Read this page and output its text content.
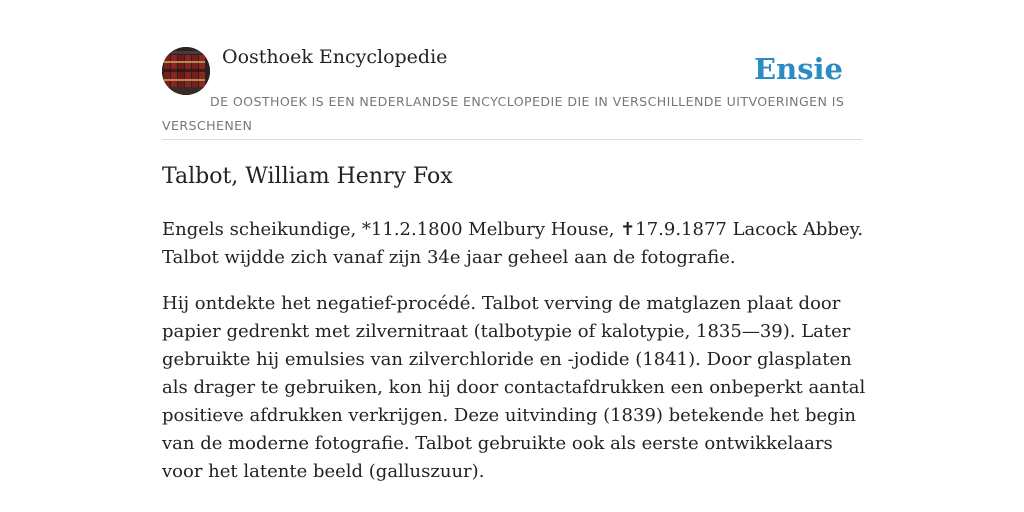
Oosthoek Encyclopedie	Ensie
DE OOSTHOEK IS EEN NEDERLANDSE ENCYCLOPEDIE DIE IN VERSCHILLENDE UITVOERINGEN IS VERSCHENEN
Talbot, William Henry Fox

Engels scheikundige, *11.2.1800 Melbury House, ✝17.9.1877 Lacock Abbey. Talbot wijdde zich vanaf zijn 34e jaar geheel aan de fotografie.

Hij ontdekte het negatief-procédé. Talbot verving de matglazen plaat door papier gedrenkt met zilvernitraat (talbotypie of kalotypie, 1835—39). Later gebruikte hij emulsies van zilverchloride en -jodide (1841). Door glasplaten als drager te gebruiken, kon hij door contactafdrukken een onbeperkt aantal positieve afdrukken verkrijgen. Deze uitvinding (1839) betekende het begin van de moderne fotografie. Talbot gebruikte ook als eerste ontwikkelaars voor het latente beeld (galluszuur).
